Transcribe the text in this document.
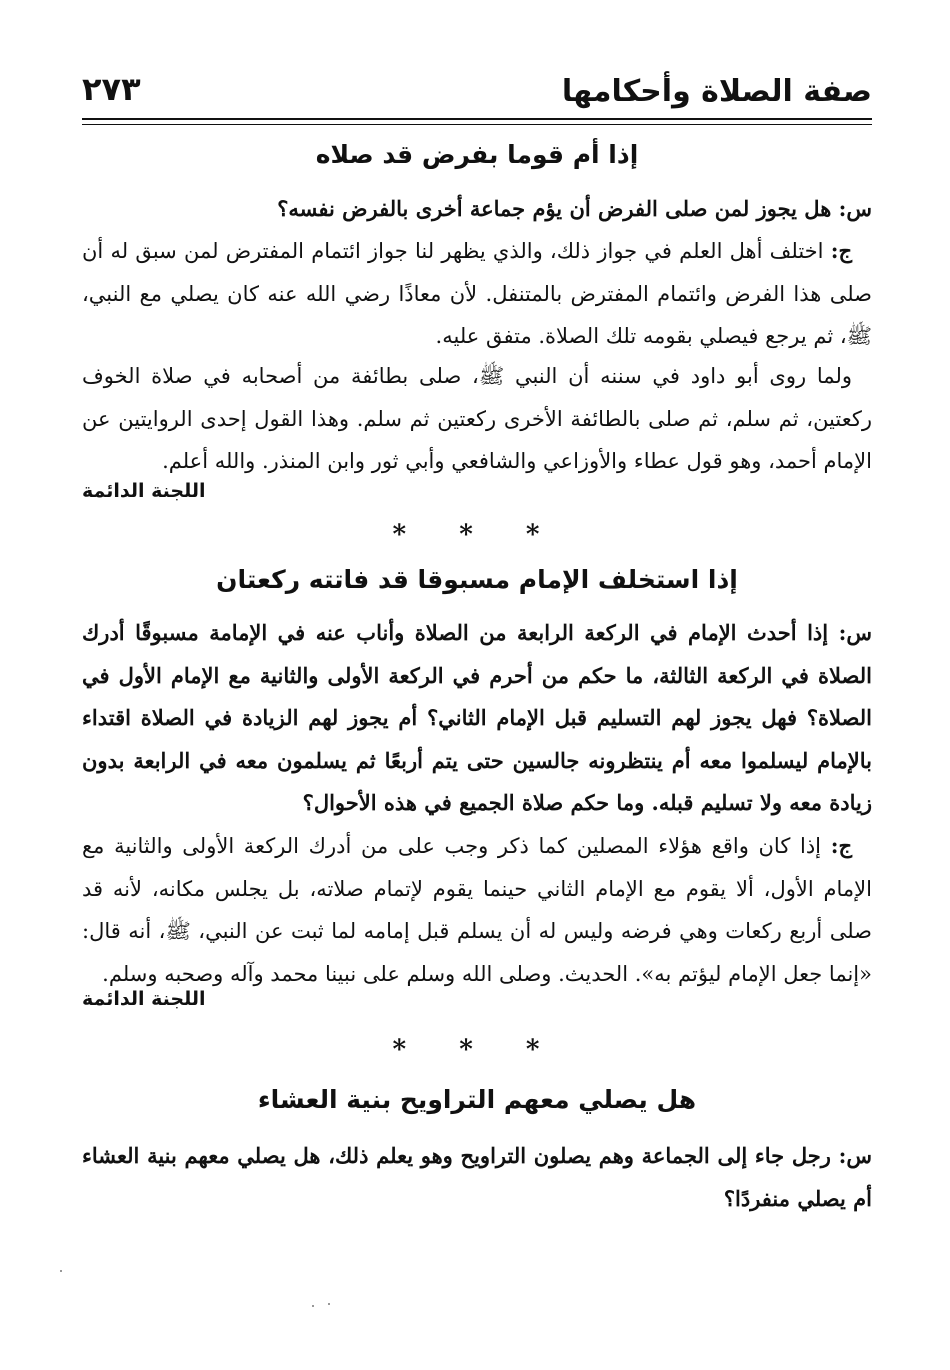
صفة الصلاة وأحكامها
٢٧٣
إذا أم قوما بفرض قد صلاه

س: هل يجوز لمن صلى الفرض أن يؤم جماعة أخرى بالفرض نفسه؟

ج: اختلف أهل العلم في جواز ذلك، والذي يظهر لنا جواز ائتمام المفترض لمن سبق له أن صلى هذا الفرض وائتمام المفترض بالمتنفل. لأن معاذًا رضي الله عنه كان يصلي مع النبي، ﷺ، ثم يرجع فيصلي بقومه تلك الصلاة. متفق عليه.

ولما روى أبو داود في سننه أن النبي ﷺ، صلى بطائفة من أصحابه في صلاة الخوف ركعتين، ثم سلم، ثم صلى بالطائفة الأخرى ركعتين ثم سلم. وهذا القول إحدى الروايتين عن الإمام أحمد، وهو قول عطاء والأوزاعي والشافعي وأبي ثور وابن المنذر. والله أعلم.

اللجنة الدائمة
* * *
إذا استخلف الإمام مسبوقا قد فاتته ركعتان

س: إذا أحدث الإمام في الركعة الرابعة من الصلاة وأناب عنه في الإمامة مسبوقًا أدرك الصلاة في الركعة الثالثة، ما حكم من أحرم في الركعة الأولى والثانية مع الإمام الأول في الصلاة؟ فهل يجوز لهم التسليم قبل الإمام الثاني؟ أم يجوز لهم الزيادة في الصلاة اقتداء بالإمام ليسلموا معه أم ينتظرونه جالسين حتى يتم أربعًا ثم يسلمون معه في الرابعة بدون زيادة معه ولا تسليم قبله. وما حكم صلاة الجميع في هذه الأحوال؟

ج: إذا كان واقع هؤلاء المصلين كما ذكر وجب على من أدرك الركعة الأولى والثانية مع الإمام الأول، ألا يقوم مع الإمام الثاني حينما يقوم لإتمام صلاته، بل يجلس مكانه، لأنه قد صلى أربع ركعات وهي فرضه وليس له أن يسلم قبل إمامه لما ثبت عن النبي، ﷺ، أنه قال: «إنما جعل الإمام ليؤتم به». الحديث. وصلى الله وسلم على نبينا محمد وآله وصحبه وسلم.

اللجنة الدائمة
* * *
هل يصلي معهم التراويح بنية العشاء

س: رجل جاء إلى الجماعة وهم يصلون التراويح وهو يعلم ذلك، هل يصلي معهم بنية العشاء أم يصلي منفردًا؟
